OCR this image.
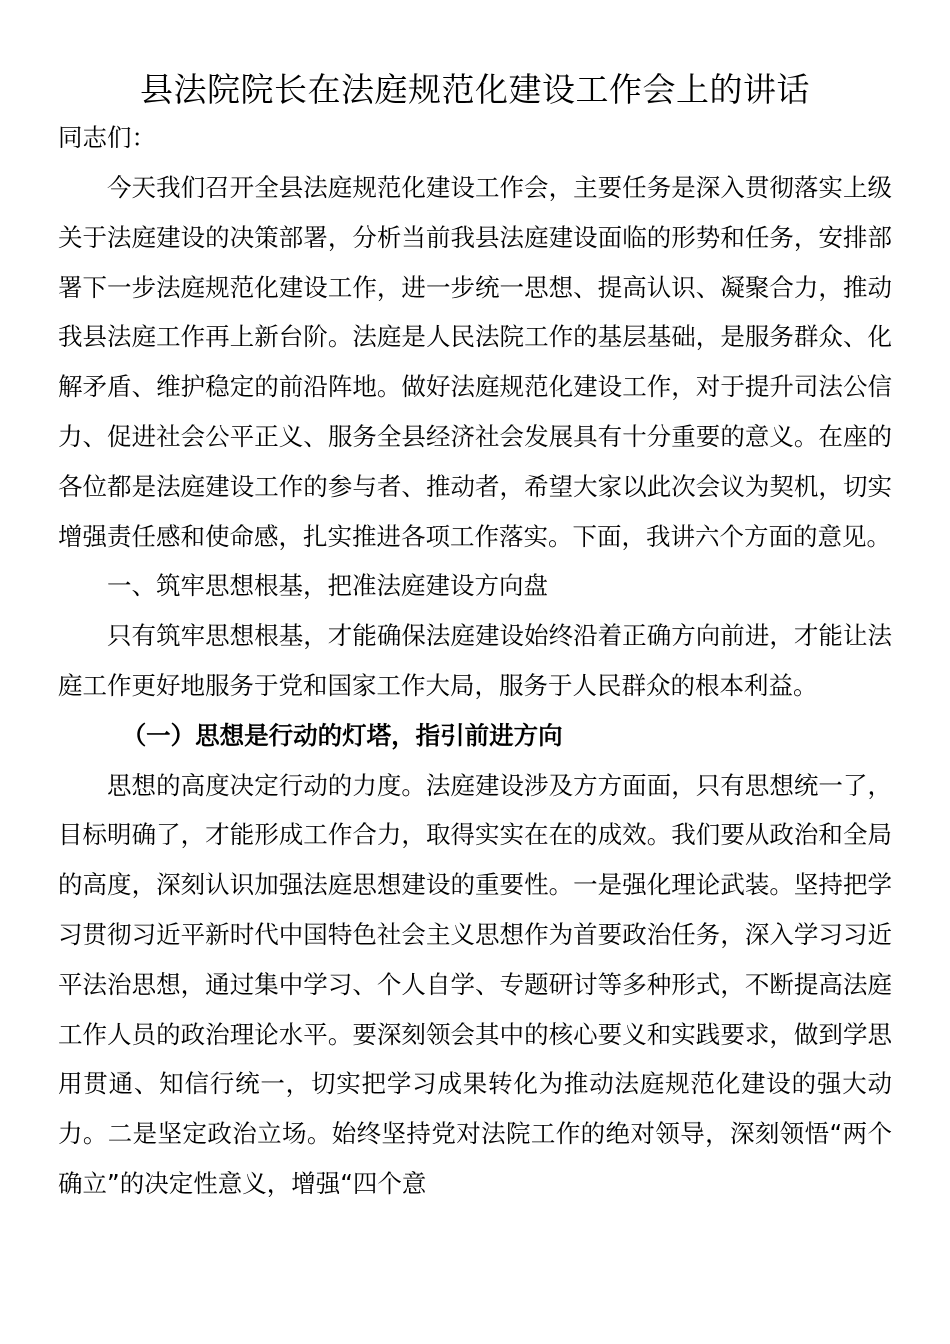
县法院院长在法庭规范化建设工作会上的讲话

同志们：

今天我们召开全县法庭规范化建设工作会，主要任务是深入贯彻落实上级关于法庭建设的决策部署，分析当前我县法庭建设面临的形势和任务，安排部署下一步法庭规范化建设工作，进一步统一思想、提高认识、凝聚合力，推动我县法庭工作再上新台阶。法庭是人民法院工作的基层基础，是服务群众、化解矛盾、维护稳定的前沿阵地。做好法庭规范化建设工作，对于提升司法公信力、促进社会公平正义、服务全县经济社会发展具有十分重要的意义。在座的各位都是法庭建设工作的参与者、推动者，希望大家以此次会议为契机，切实增强责任感和使命感，扎实推进各项工作落实。下面，我讲六个方面的意见。

一、筑牢思想根基，把准法庭建设方向盘

只有筑牢思想根基，才能确保法庭建设始终沿着正确方向前进，才能让法庭工作更好地服务于党和国家工作大局，服务于人民群众的根本利益。

（一）思想是行动的灯塔，指引前进方向

思想的高度决定行动的力度。法庭建设涉及方方面面，只有思想统一了，目标明确了，才能形成工作合力，取得实实在在的成效。我们要从政治和全局的高度，深刻认识加强法庭思想建设的重要性。一是强化理论武装。坚持把学习贯彻习近平新时代中国特色社会主义思想作为首要政治任务，深入学习习近平法治思想，通过集中学习、个人自学、专题研讨等多种形式，不断提高法庭工作人员的政治理论水平。要深刻领会其中的核心要义和实践要求，做到学思用贯通、知信行统一，切实把学习成果转化为推动法庭规范化建设的强大动力。二是坚定政治立场。始终坚持党对法院工作的绝对领导，深刻领悟“两个确立”的决定性意义，增强“四个意
